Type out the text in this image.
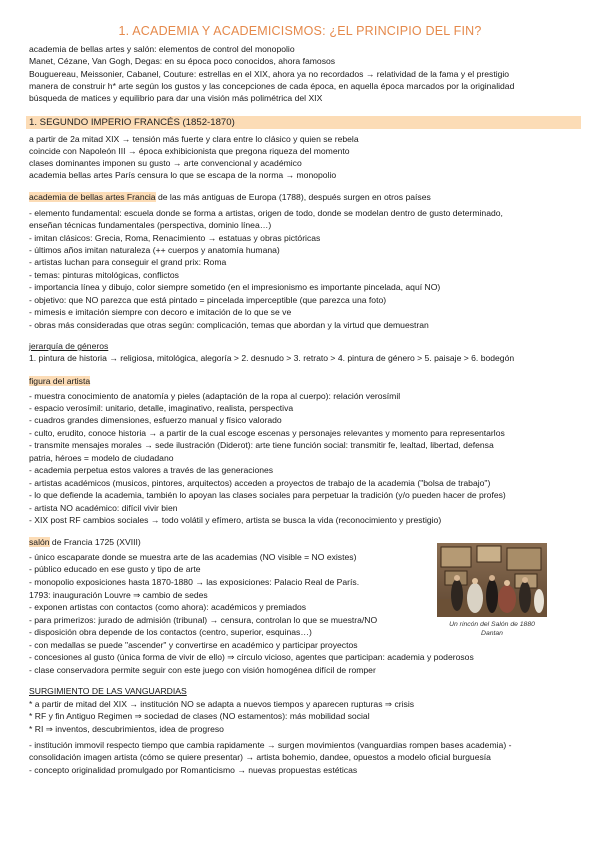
1. ACADEMIA Y ACADEMICISMOS: ¿EL PRINCIPIO DEL FIN?
academia de bellas artes y salón: elementos de control del monopolio
Manet, Cézane, Van Gogh, Degas: en su época poco conocidos, ahora famosos
Bouguereau, Meissonier, Cabanel, Couture: estrellas en el XIX, ahora ya no recordados → relatividad de la fama y el prestigio
manera de construir h* arte según los gustos y las concepciones de cada época, en aquella época marcados por la originalidad
búsqueda de matices y equilibrio para dar una visión más polimétrica del XIX
1. SEGUNDO IMPERIO FRANCÉS (1852-1870)
a partir de 2a mitad XIX → tensión más fuerte y clara entre lo clásico y quien se rebela
coincide con Napoleón III → época exhibicionista que pregona riqueza del momento
clases dominantes imponen su gusto → arte convencional y académico
academia bellas artes París censura lo que se escapa de la norma → monopolio
academia de bellas artes Francia de las más antiguas de Europa (1788), después surgen en otros países
- elemento fundamental: escuela donde se forma a artistas, origen de todo, donde se modelan dentro de gusto determinado,
enseñan técnicas fundamentales (perspectiva, dominio línea…)
- imitan clásicos: Grecia, Roma, Renacimiento → estatuas y obras pictóricas
- últimos años imitan naturaleza (++ cuerpos y anatomía humana)
- artistas luchan para conseguir el grand prix: Roma
- temas: pinturas mitológicas, conflictos
- importancia línea y dibujo, color siempre sometido (en el impresionismo es importante pincelada, aquí NO)
- objetivo: que NO parezca que está pintado = pincelada imperceptible (que parezca una foto)
- mimesis e imitación siempre con decoro e imitación de lo que se ve
- obras más consideradas que otras según: complicación, temas que abordan y la virtud que demuestran
jerarquía de géneros
1. pintura de historia → religiosa, mitológica, alegoría > 2. desnudo > 3. retrato > 4. pintura de género > 5. paisaje > 6. bodegón
figura del artista
- muestra conocimiento de anatomía y pieles (adaptación de la ropa al cuerpo): relación verosímil
- espacio verosímil: unitario, detalle, imaginativo, realista, perspectiva
- cuadros grandes dimensiones, esfuerzo manual y físico valorado
- culto, erudito, conoce historia → a partir de la cual escoge escenas y personajes relevantes y momento para representarlos
- transmite mensajes morales → sede ilustración (Diderot): arte tiene función social: transmitir fe, lealtad, libertad, defensa
patria, héroes = modelo de ciudadano
- academia perpetua estos valores a través de las generaciones
- artistas académicos (musicos, pintores, arquitectos) acceden a proyectos de trabajo de la academia ("bolsa de trabajo")
- lo que defiende la academia, también lo apoyan las clases sociales para perpetuar la tradición (y/o pueden hacer de profes)
- artista NO académico: difícil vivir bien
- XIX post RF cambios sociales → todo volátil y efímero, artista se busca la vida (reconocimiento y prestigio)
salón de Francia 1725 (XVIII)
- único escaparate donde se muestra arte de las academias (NO visible = NO existes)
- público educado en ese gusto y tipo de arte
- monopolio exposiciones hasta 1870-1880 → las exposiciones: Palacio Real de París.
1793: inauguración Louvre ⇒ cambio de sedes
- exponen artistas con contactos (como ahora): académicos y premiados
- para primerizos: jurado de admisión (tribunal) → censura, controlan lo que se muestra/NO
- disposición obra depende de los contactos (centro, superior, esquinas…)
- con medallas se puede "ascender" y convertirse en académico y participar proyectos
- concesiones al gusto (única forma de vivir de ello) ⇒ círculo vicioso, agentes que participan: academia y poderosos
- clase conservadora permite seguir con este juego con visión homogénea difícil de romper
Un rincón del Salón de 1880
Dantan
SURGIMIENTO DE LAS VANGUARDIAS
* a partir de mitad del XIX → institución NO se adapta a nuevos tiempos y aparecen rupturas ⇒ crisis
* RF y fin Antiguo Regimen ⇒ sociedad de clases (NO estamentos): más mobilidad social
* RI ⇒ inventos, descubrimientos, idea de progreso
- institución immovil respecto tiempo que cambia rapidamente → surgen movimientos (vanguardias rompen bases academia) -
consolidación imagen artista (cómo se quiere presentar) → artista bohemio, dandee, opuestos a modelo oficial burguesía
- concepto originalidad promulgado por Romanticismo → nuevas propuestas estéticas
